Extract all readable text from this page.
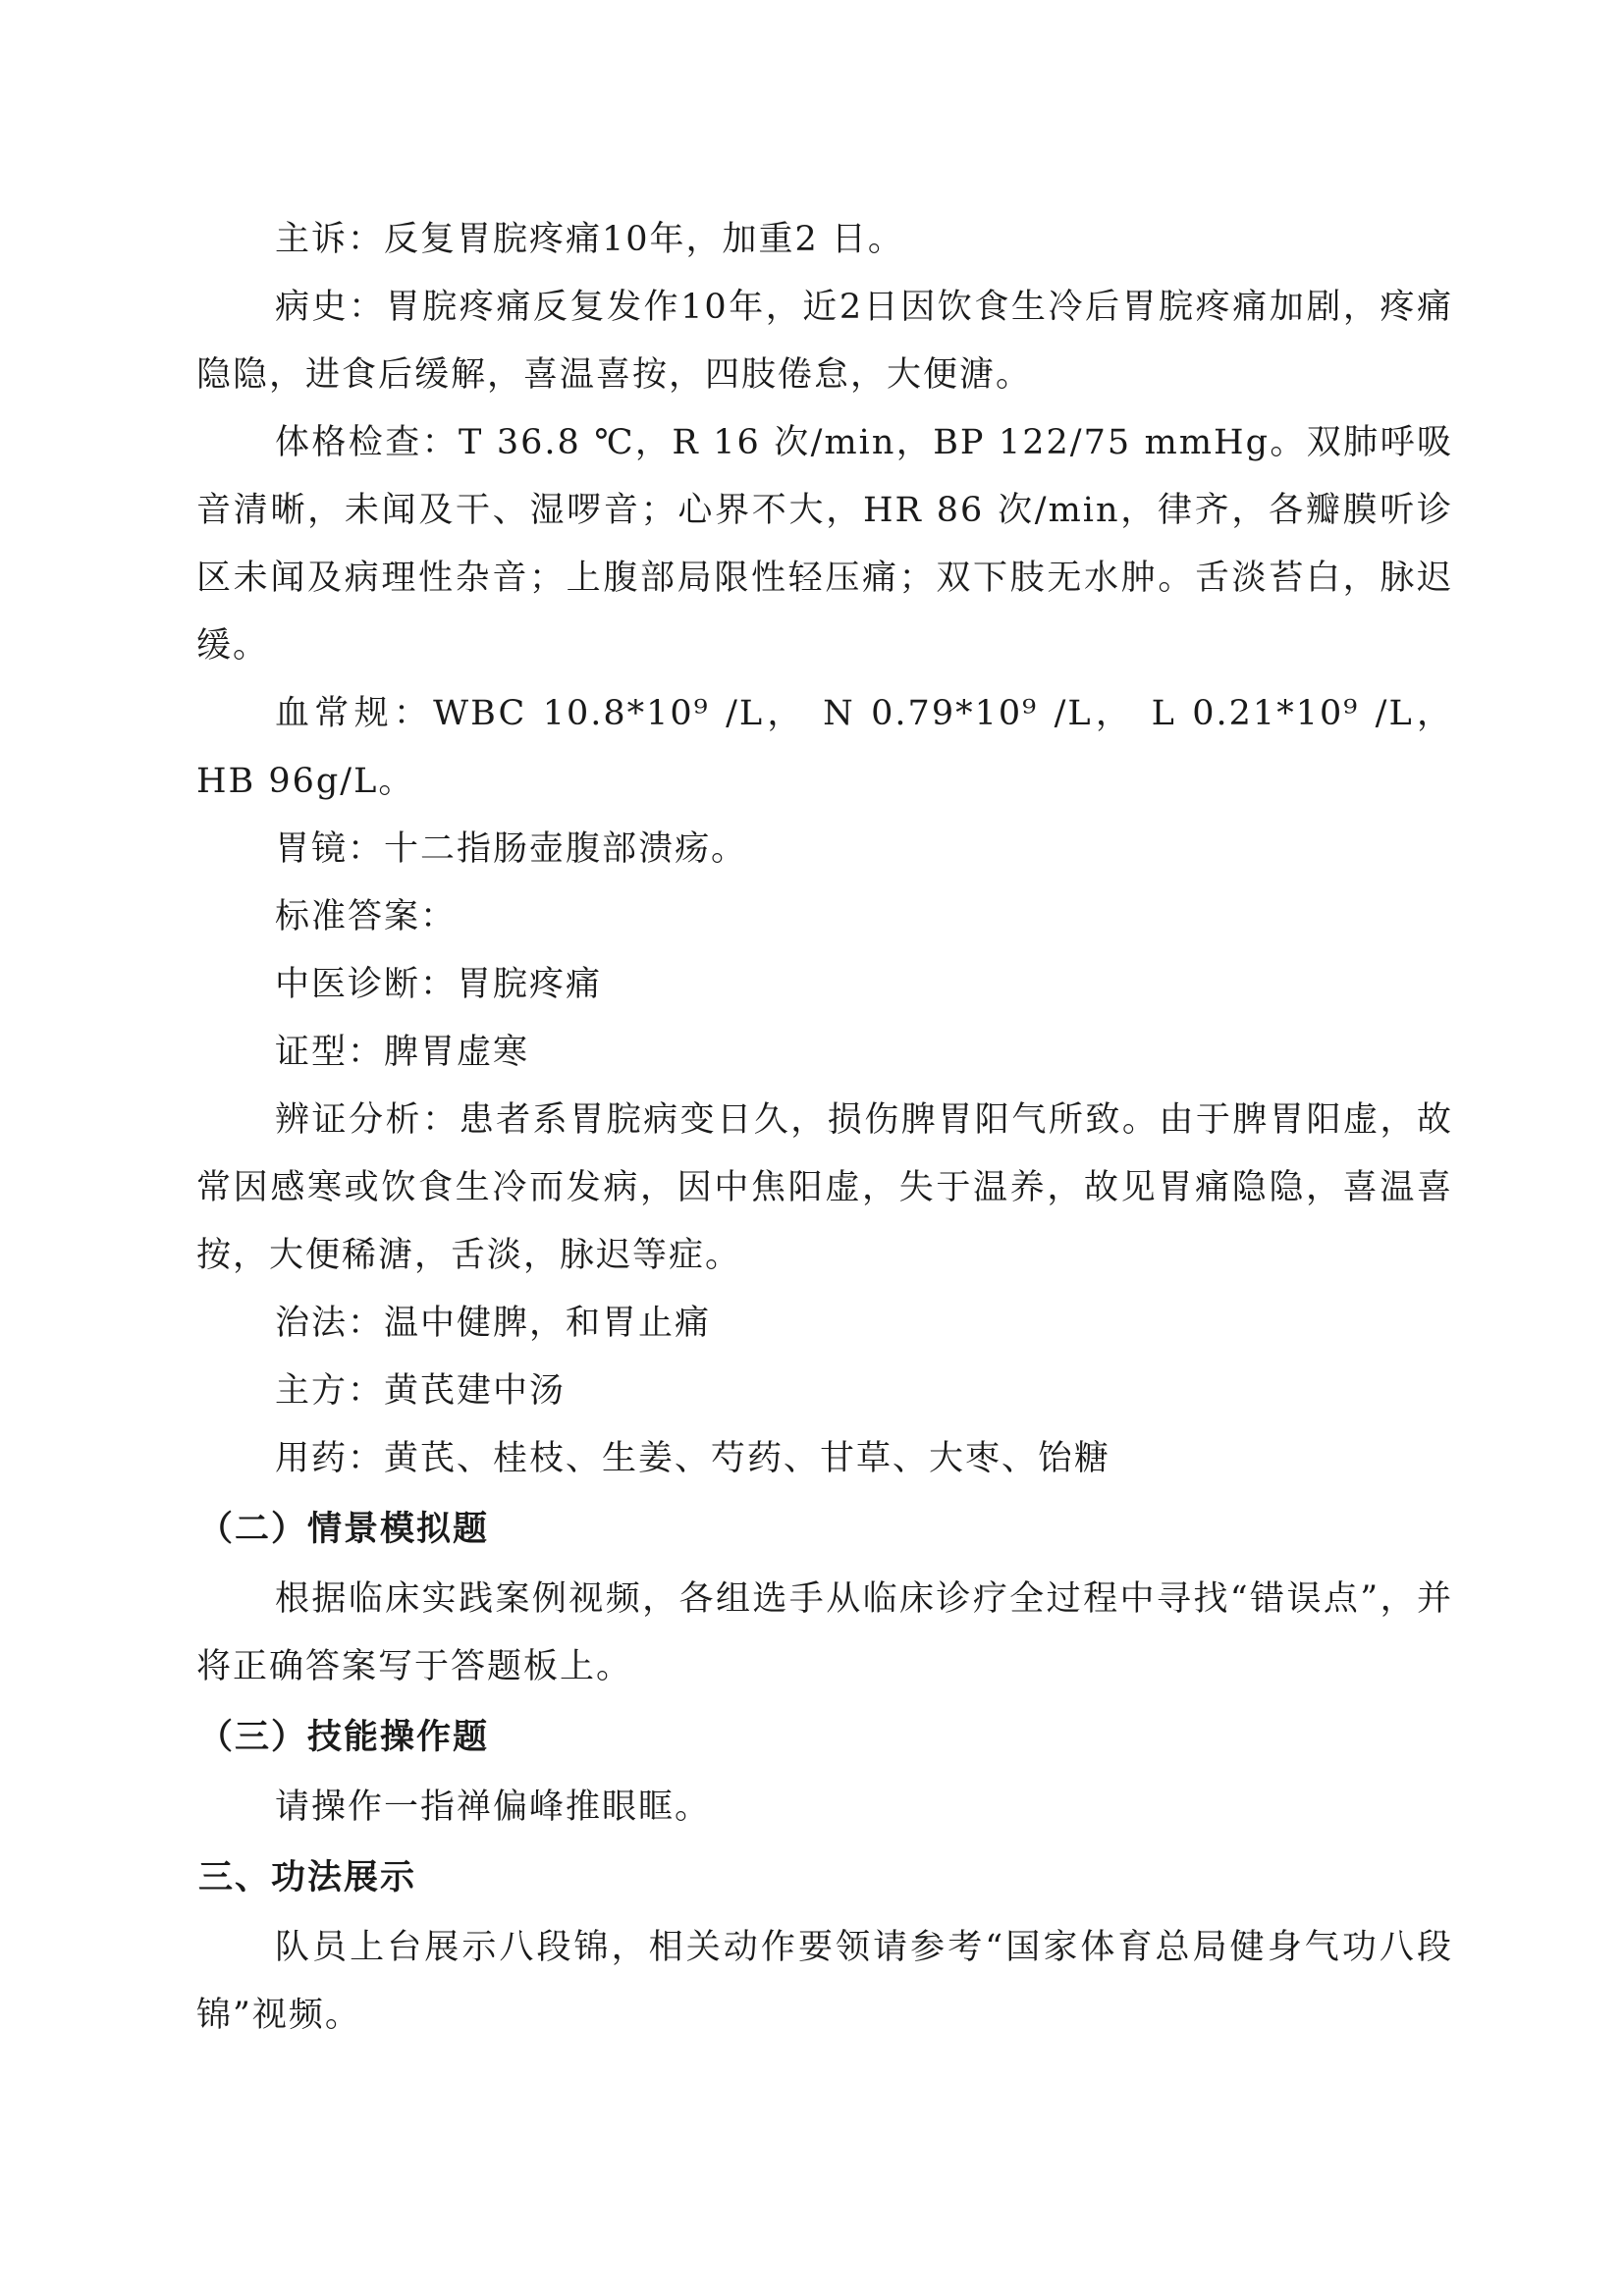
主诉：反复胃脘疼痛10年，加重2 日。

病史：胃脘疼痛反复发作10年，近2日因饮食生冷后胃脘疼痛加剧，疼痛隐隐，进食后缓解，喜温喜按，四肢倦怠，大便溏。

体格检查：T 36.8 ℃，R 16 次/min，BP 122/75 mmHg。双肺呼吸音清晰，未闻及干、湿啰音；心界不大，HR 86 次/min，律齐，各瓣膜听诊区未闻及病理性杂音；上腹部局限性轻压痛；双下肢无水肿。舌淡苔白，脉迟缓。

血常规：WBC 10.8*10⁹ /L， N 0.79*10⁹ /L， L 0.21*10⁹ /L， HB 96g/L。

胃镜：十二指肠壶腹部溃疡。

标准答案：

中医诊断：胃脘疼痛

证型：脾胃虚寒

辨证分析：患者系胃脘病变日久，损伤脾胃阳气所致。由于脾胃阳虚，故常因感寒或饮食生冷而发病，因中焦阳虚，失于温养，故见胃痛隐隐，喜温喜按，大便稀溏，舌淡，脉迟等症。

治法：温中健脾，和胃止痛

主方：黄芪建中汤

用药：黄芪、桂枝、生姜、芍药、甘草、大枣、饴糖

（二）情景模拟题

根据临床实践案例视频，各组选手从临床诊疗全过程中寻找“错误点”，并将正确答案写于答题板上。

（三）技能操作题

请操作一指禅偏峰推眼眶。

三、功法展示

队员上台展示八段锦，相关动作要领请参考“国家体育总局健身气功八段锦”视频。
